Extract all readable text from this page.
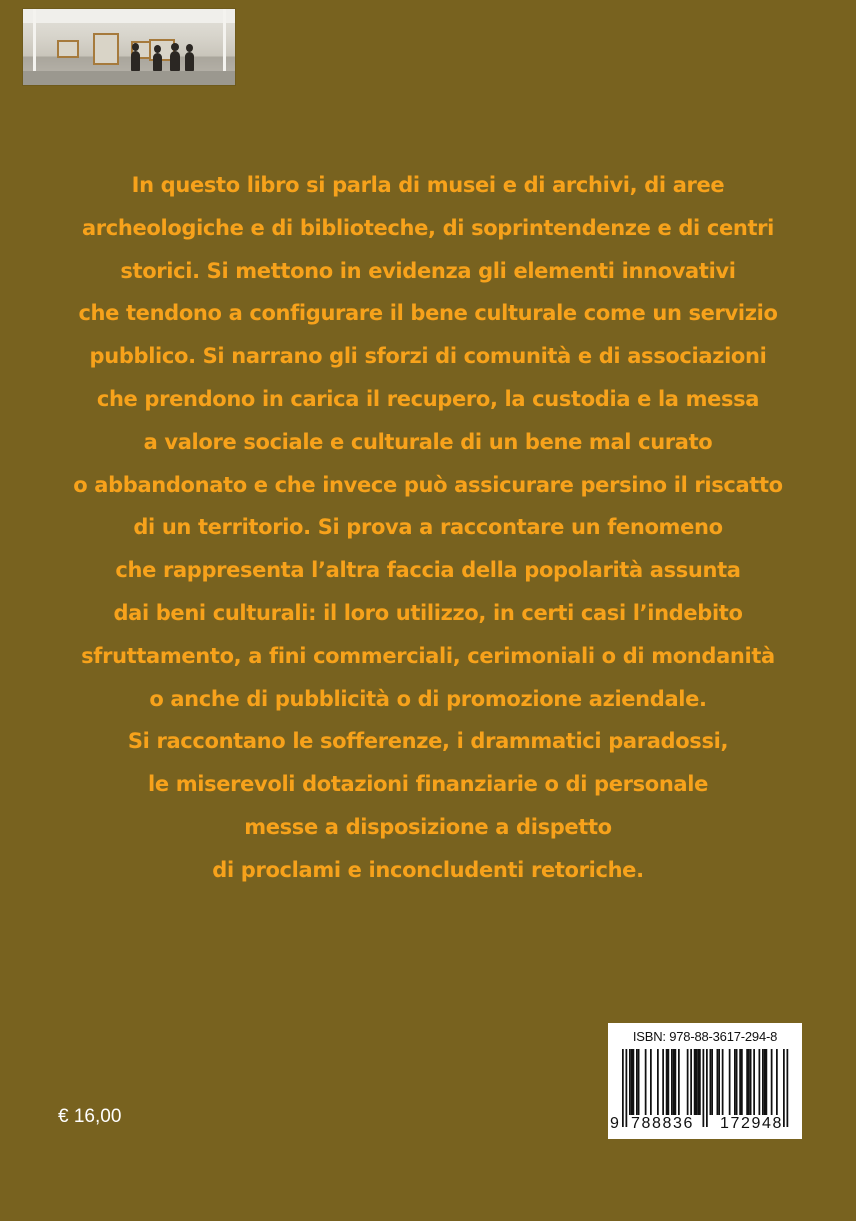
In questo libro si parla di musei e di archivi, di aree
archeologiche e di biblioteche, di soprintendenze e di centri
storici. Si mettono in evidenza gli elementi innovativi
che tendono a configurare il bene culturale come un servizio
pubblico. Si narrano gli sforzi di comunità e di associazioni
che prendono in carica il recupero, la custodia e la messa
a valore sociale e culturale di un bene mal curato
o abbandonato e che invece può assicurare persino il riscatto
di un territorio. Si prova a raccontare un fenomeno
che rappresenta l’altra faccia della popolarità assunta
dai beni culturali: il loro utilizzo, in certi casi l’indebito
sfruttamento, a fini commerciali, cerimoniali o di mondanità
o anche di pubblicità o di promozione aziendale.
Si raccontano le sofferenze, i drammatici paradossi,
le miserevoli dotazioni finanziarie o di personale
messe a disposizione a dispetto
di proclami e inconcludenti retoriche.
€ 16,00
ISBN: 978-88-3617-294-8
9 788836 172948
